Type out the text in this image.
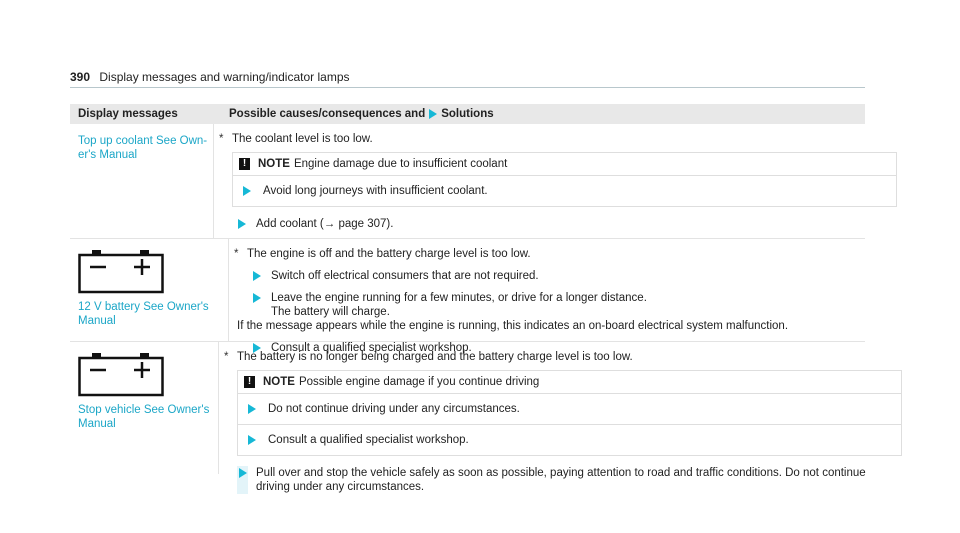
390 Display messages and warning/indicator lamps
Display messages	Possible causes/consequences and Solutions
Top up coolant See Own- er's Manual
* The coolant level is too low.
!	NOTE Engine damage due to insufficient coolant
Avoid long journeys with insufficient coolant.
Add coolant (→ page 307).
12 V battery See Owner's Manual
* The engine is off and the battery charge level is too low.
Switch off electrical consumers that are not required.
Leave the engine running for a few minutes, or drive for a longer distance.
The battery will charge.
If the message appears while the engine is running, this indicates an on-board electrical system malfunction.
Consult a qualified specialist workshop.
Stop vehicle See Owner's Manual
* The battery is no longer being charged and the battery charge level is too low.
!	NOTE Possible engine damage if you continue driving
Do not continue driving under any circumstances.
Consult a qualified specialist workshop.
Pull over and stop the vehicle safely as soon as possible, paying attention to road and traffic conditions. Do not continue driving under any circumstances.
